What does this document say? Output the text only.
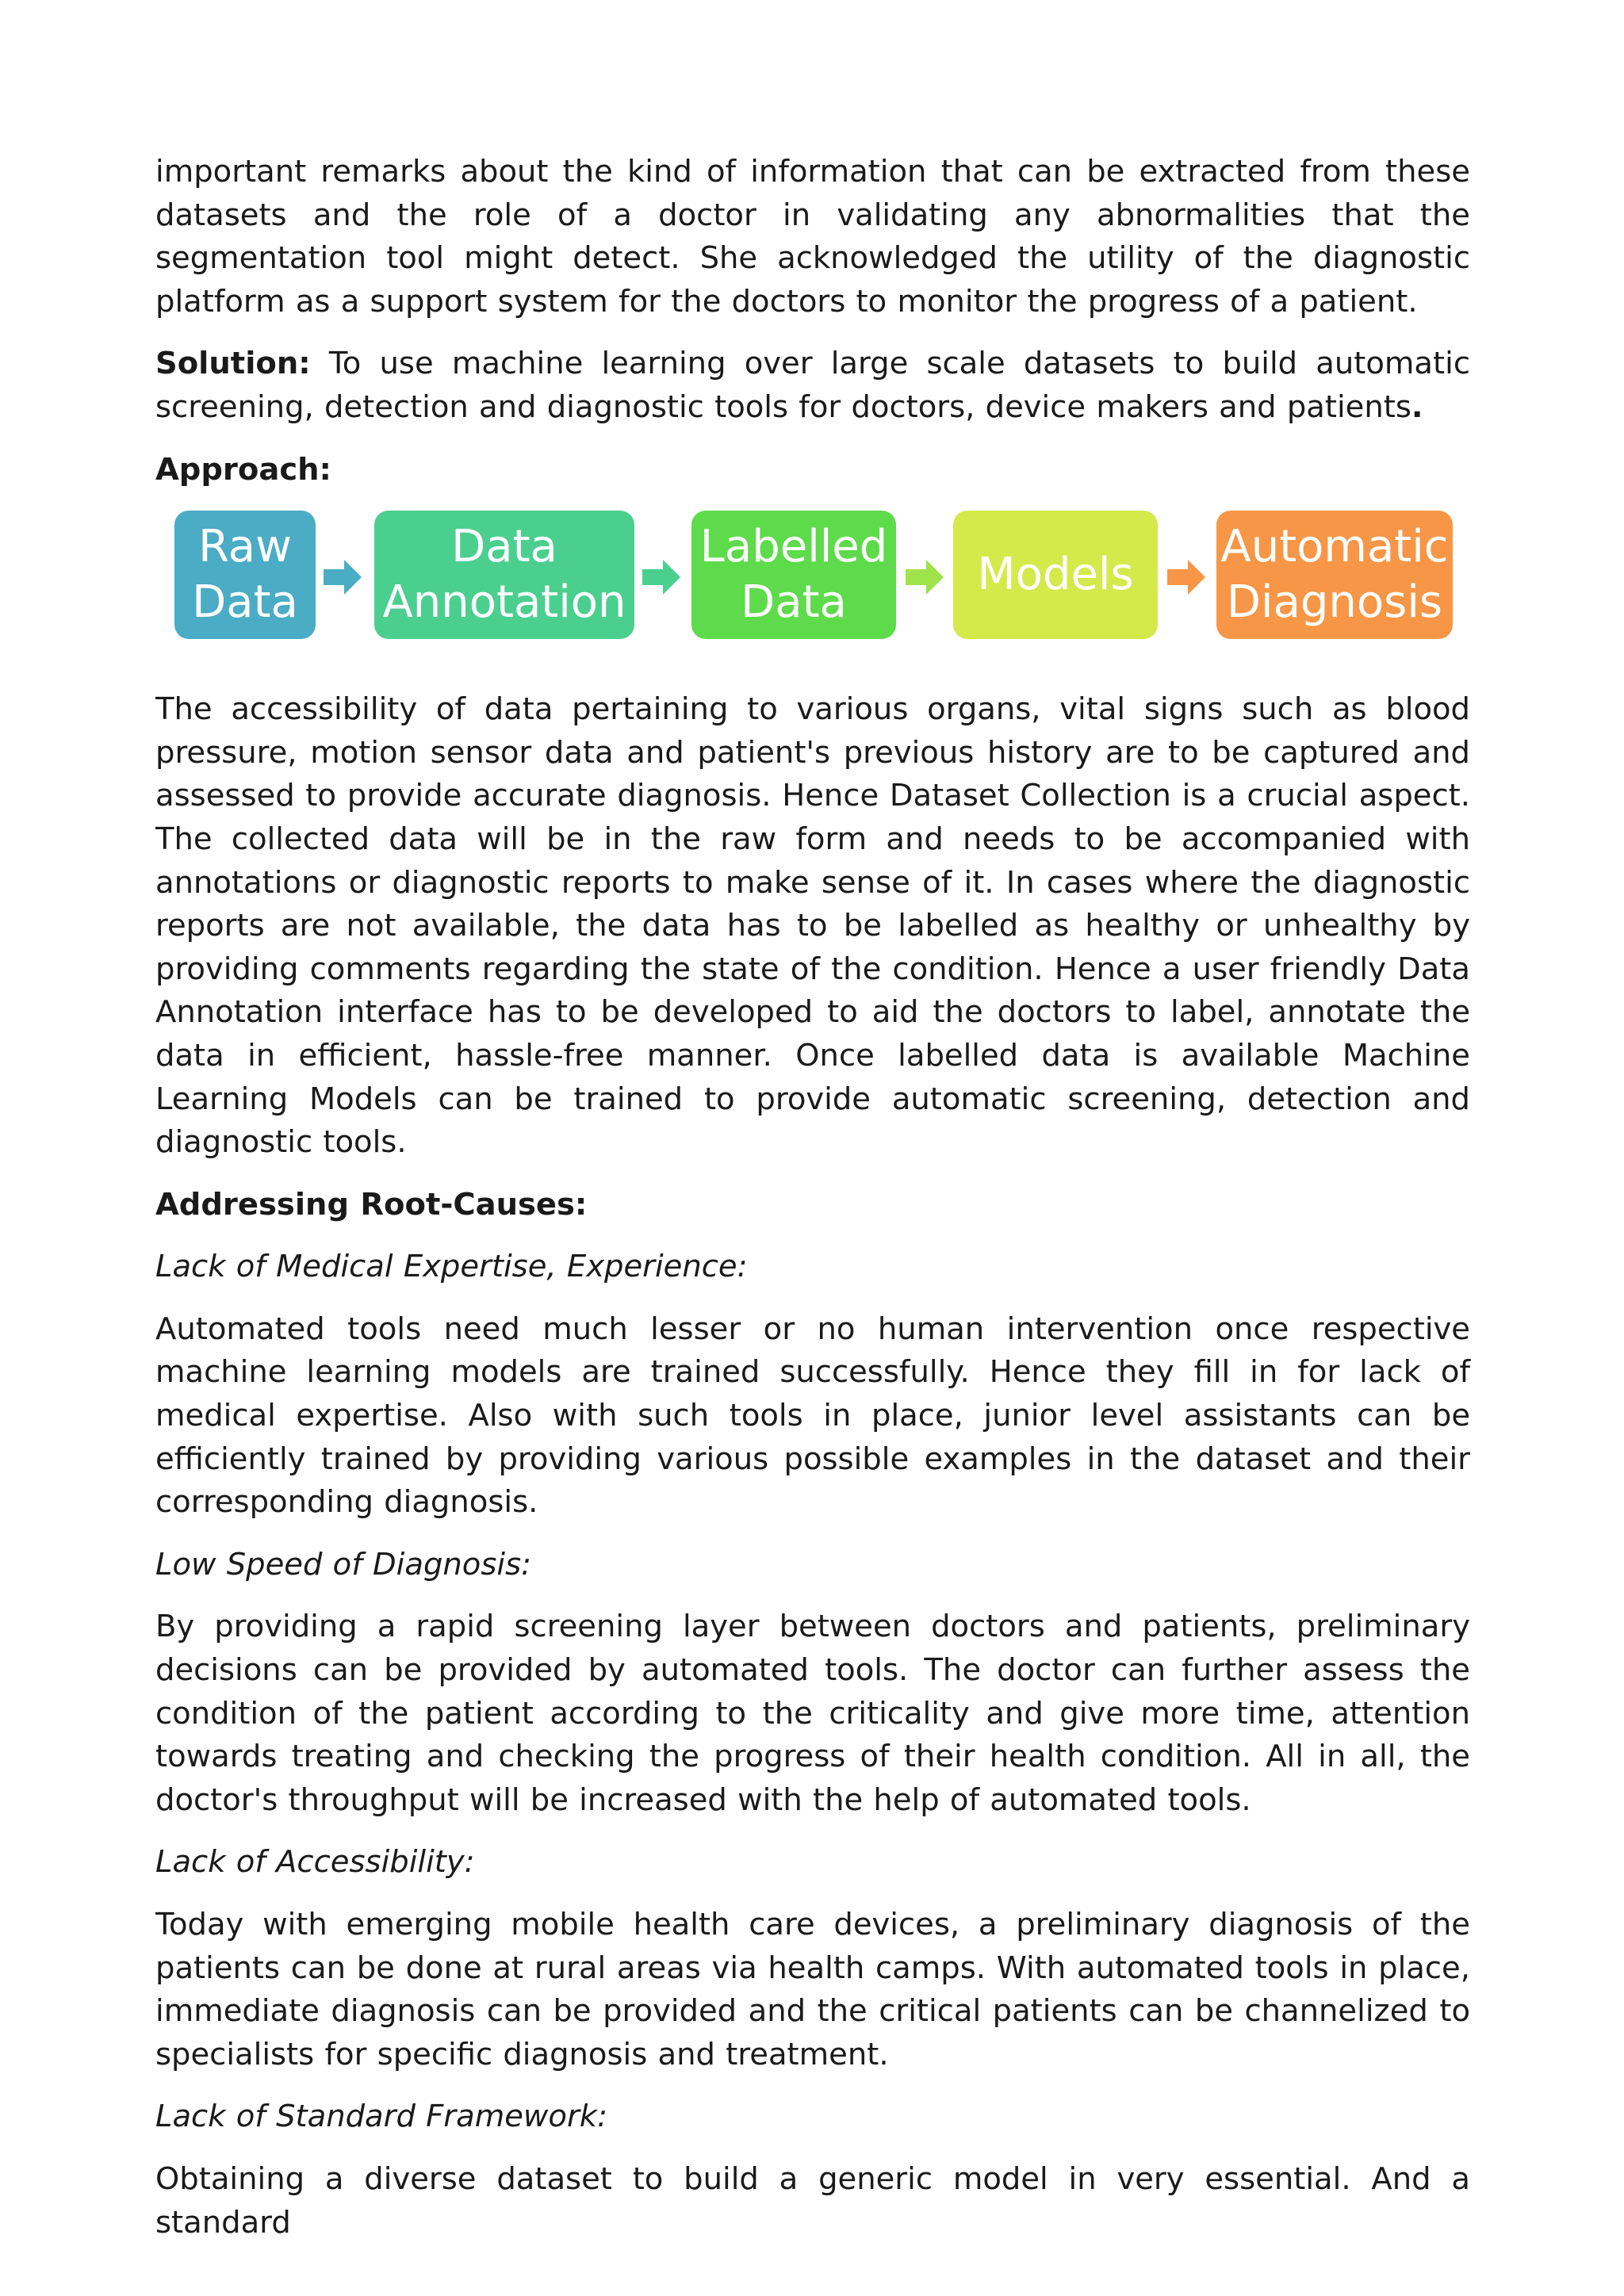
important remarks about the kind of information that can be extracted from these datasets and the role of a doctor in validating any abnormalities that the segmentation tool might detect. She acknowledged the utility of the diagnostic platform as a support system for the doctors to monitor the progress of a patient.

Solution: To use machine learning over large scale datasets to build automatic screening, detection and diagnostic tools for doctors, device makers and patients.

Approach:

Raw
Data
Data
Annotation
Labelled
Data
Models
Automatic
Diagnosis

The accessibility of data pertaining to various organs, vital signs such as blood pressure, motion sensor data and patient's previous history are to be captured and assessed to provide accurate diagnosis. Hence Dataset Collection is a crucial aspect. The collected data will be in the raw form and needs to be accompanied with annotations or diagnostic reports to make sense of it. In cases where the diagnostic reports are not available, the data has to be labelled as healthy or unhealthy by providing comments regarding the state of the condition. Hence a user friendly Data Annotation interface has to be developed to aid the doctors to label, annotate the data in efficient, hassle-free manner. Once labelled data is available Machine Learning Models can be trained to provide automatic screening, detection and diagnostic tools.

Addressing Root-Causes:

Lack of Medical Expertise, Experience:

Automated tools need much lesser or no human intervention once respective machine learning models are trained successfully. Hence they fill in for lack of medical expertise. Also with such tools in place, junior level assistants can be efficiently trained by providing various possible examples in the dataset and their corresponding diagnosis.

Low Speed of Diagnosis:

By providing a rapid screening layer between doctors and patients, preliminary decisions can be provided by automated tools. The doctor can further assess the condition of the patient according to the criticality and give more time, attention towards treating and checking the progress of their health condition. All in all, the doctor's throughput will be increased with the help of automated tools.

Lack of Accessibility:

Today with emerging mobile health care devices, a preliminary diagnosis of the patients can be done at rural areas via health camps. With automated tools in place, immediate diagnosis can be provided and the critical patients can be channelized to specialists for specific diagnosis and treatment.

Lack of Standard Framework:

Obtaining a diverse dataset to build a generic model in very essential. And a standard
